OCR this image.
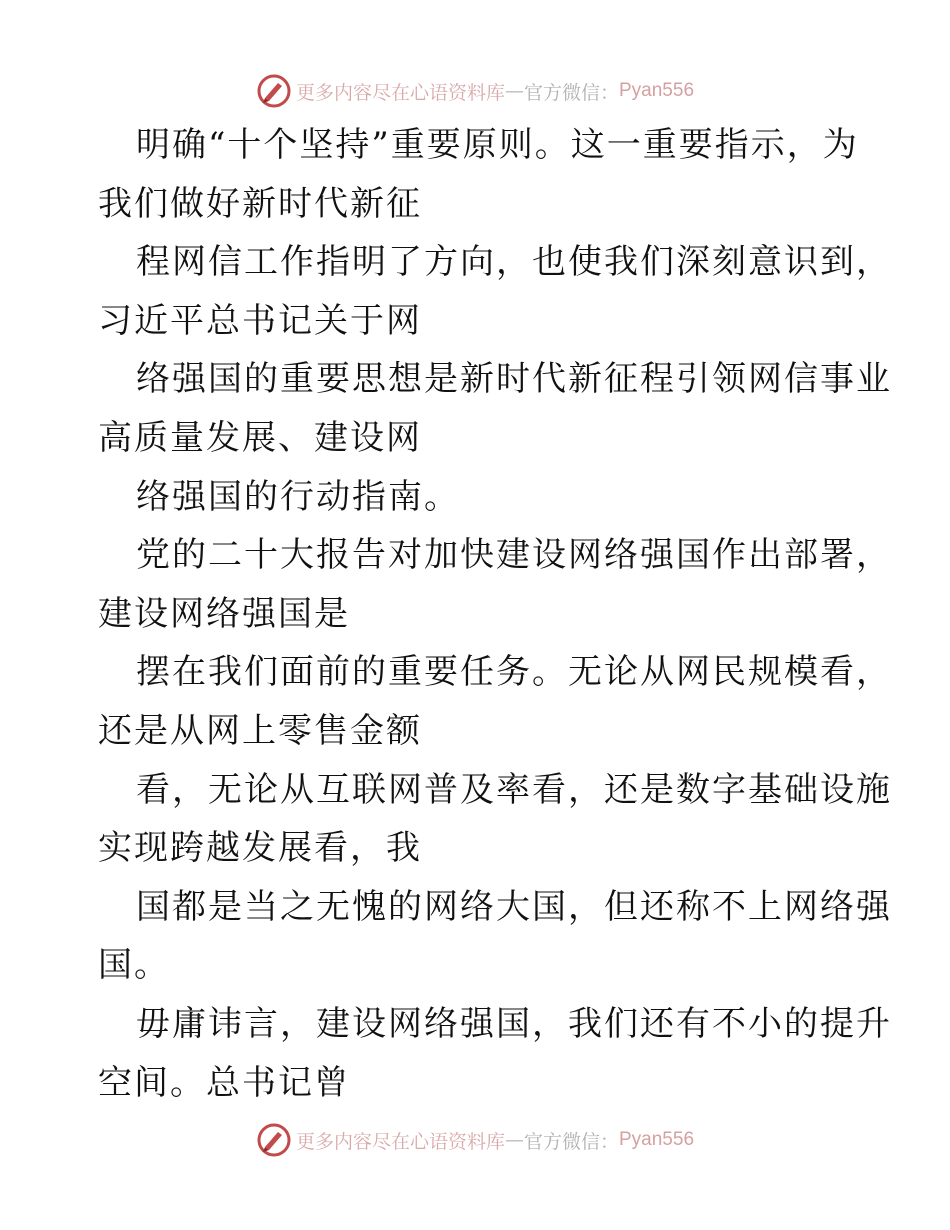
更多内容尽在心语资料库 — 官方微信： Pyan556
明确“十个坚持”重要原则。这一重要指示，为
我们做好新时代新征
程网信工作指明了方向，也使我们深刻意识到，
习近平总书记关于网
络强国的重要思想是新时代新征程引领网信事业
高质量发展、建设网
络强国的行动指南。
党的二十大报告对加快建设网络强国作出部署，
建设网络强国是
摆在我们面前的重要任务。无论从网民规模看，
还是从网上零售金额
看，无论从互联网普及率看，还是数字基础设施
实现跨越发展看，我
国都是当之无愧的网络大国，但还称不上网络强
国。
毋庸讳言，建设网络强国，我们还有不小的提升
空间。总书记曾
更多内容尽在心语资料库 — 官方微信： Pyan556
